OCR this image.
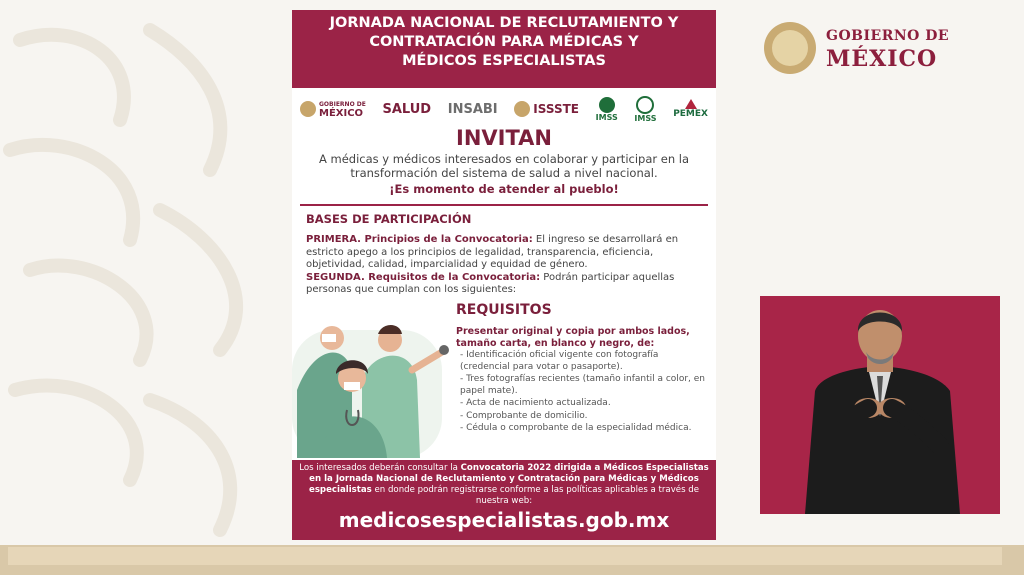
JORNADA NACIONAL DE RECLUTAMIENTO Y
CONTRATACIÓN PARA MÉDICAS Y
MÉDICOS ESPECIALISTAS
GOBIERNO DE
MÉXICO SALUD INSABI	ISSSTE
IMSS IMSS PEMEX
INVITAN
A médicas y médicos interesados en colaborar y participar en la transformación del sistema de salud a nivel nacional.
¡Es momento de atender al pueblo!
BASES DE PARTICIPACIÓN

PRIMERA. Principios de la Convocatoria: El ingreso se desarrollará en estricto apego a los principios de legalidad, transparencia, eficiencia, objetividad, calidad, imparcialidad y equidad de género.

SEGUNDA. Requisitos de la Convocatoria: Podrán participar aquellas personas que cumplan con los siguientes:

REQUISITOS
Presentar original y copia por ambos lados, tamaño carta, en blanco y negro, de:
- Identificación oficial vigente con fotografía (credencial para votar o pasaporte).
- Tres fotografías recientes (tamaño infantil a color, en papel mate).
- Acta de nacimiento actualizada.
- Comprobante de domicilio.
- Cédula o comprobante de la especialidad médica.
Los interesados deberán consultar la Convocatoria 2022 dirigida a Médicos Especialistas en la Jornada Nacional de Reclutamiento y Contratación para Médicas y Médicos especialistas en donde podrán registrarse conforme a las políticas aplicables a través de nuestra web:
medicosespecialistas.gob.mx
GOBIERNO DE
MÉXICO
